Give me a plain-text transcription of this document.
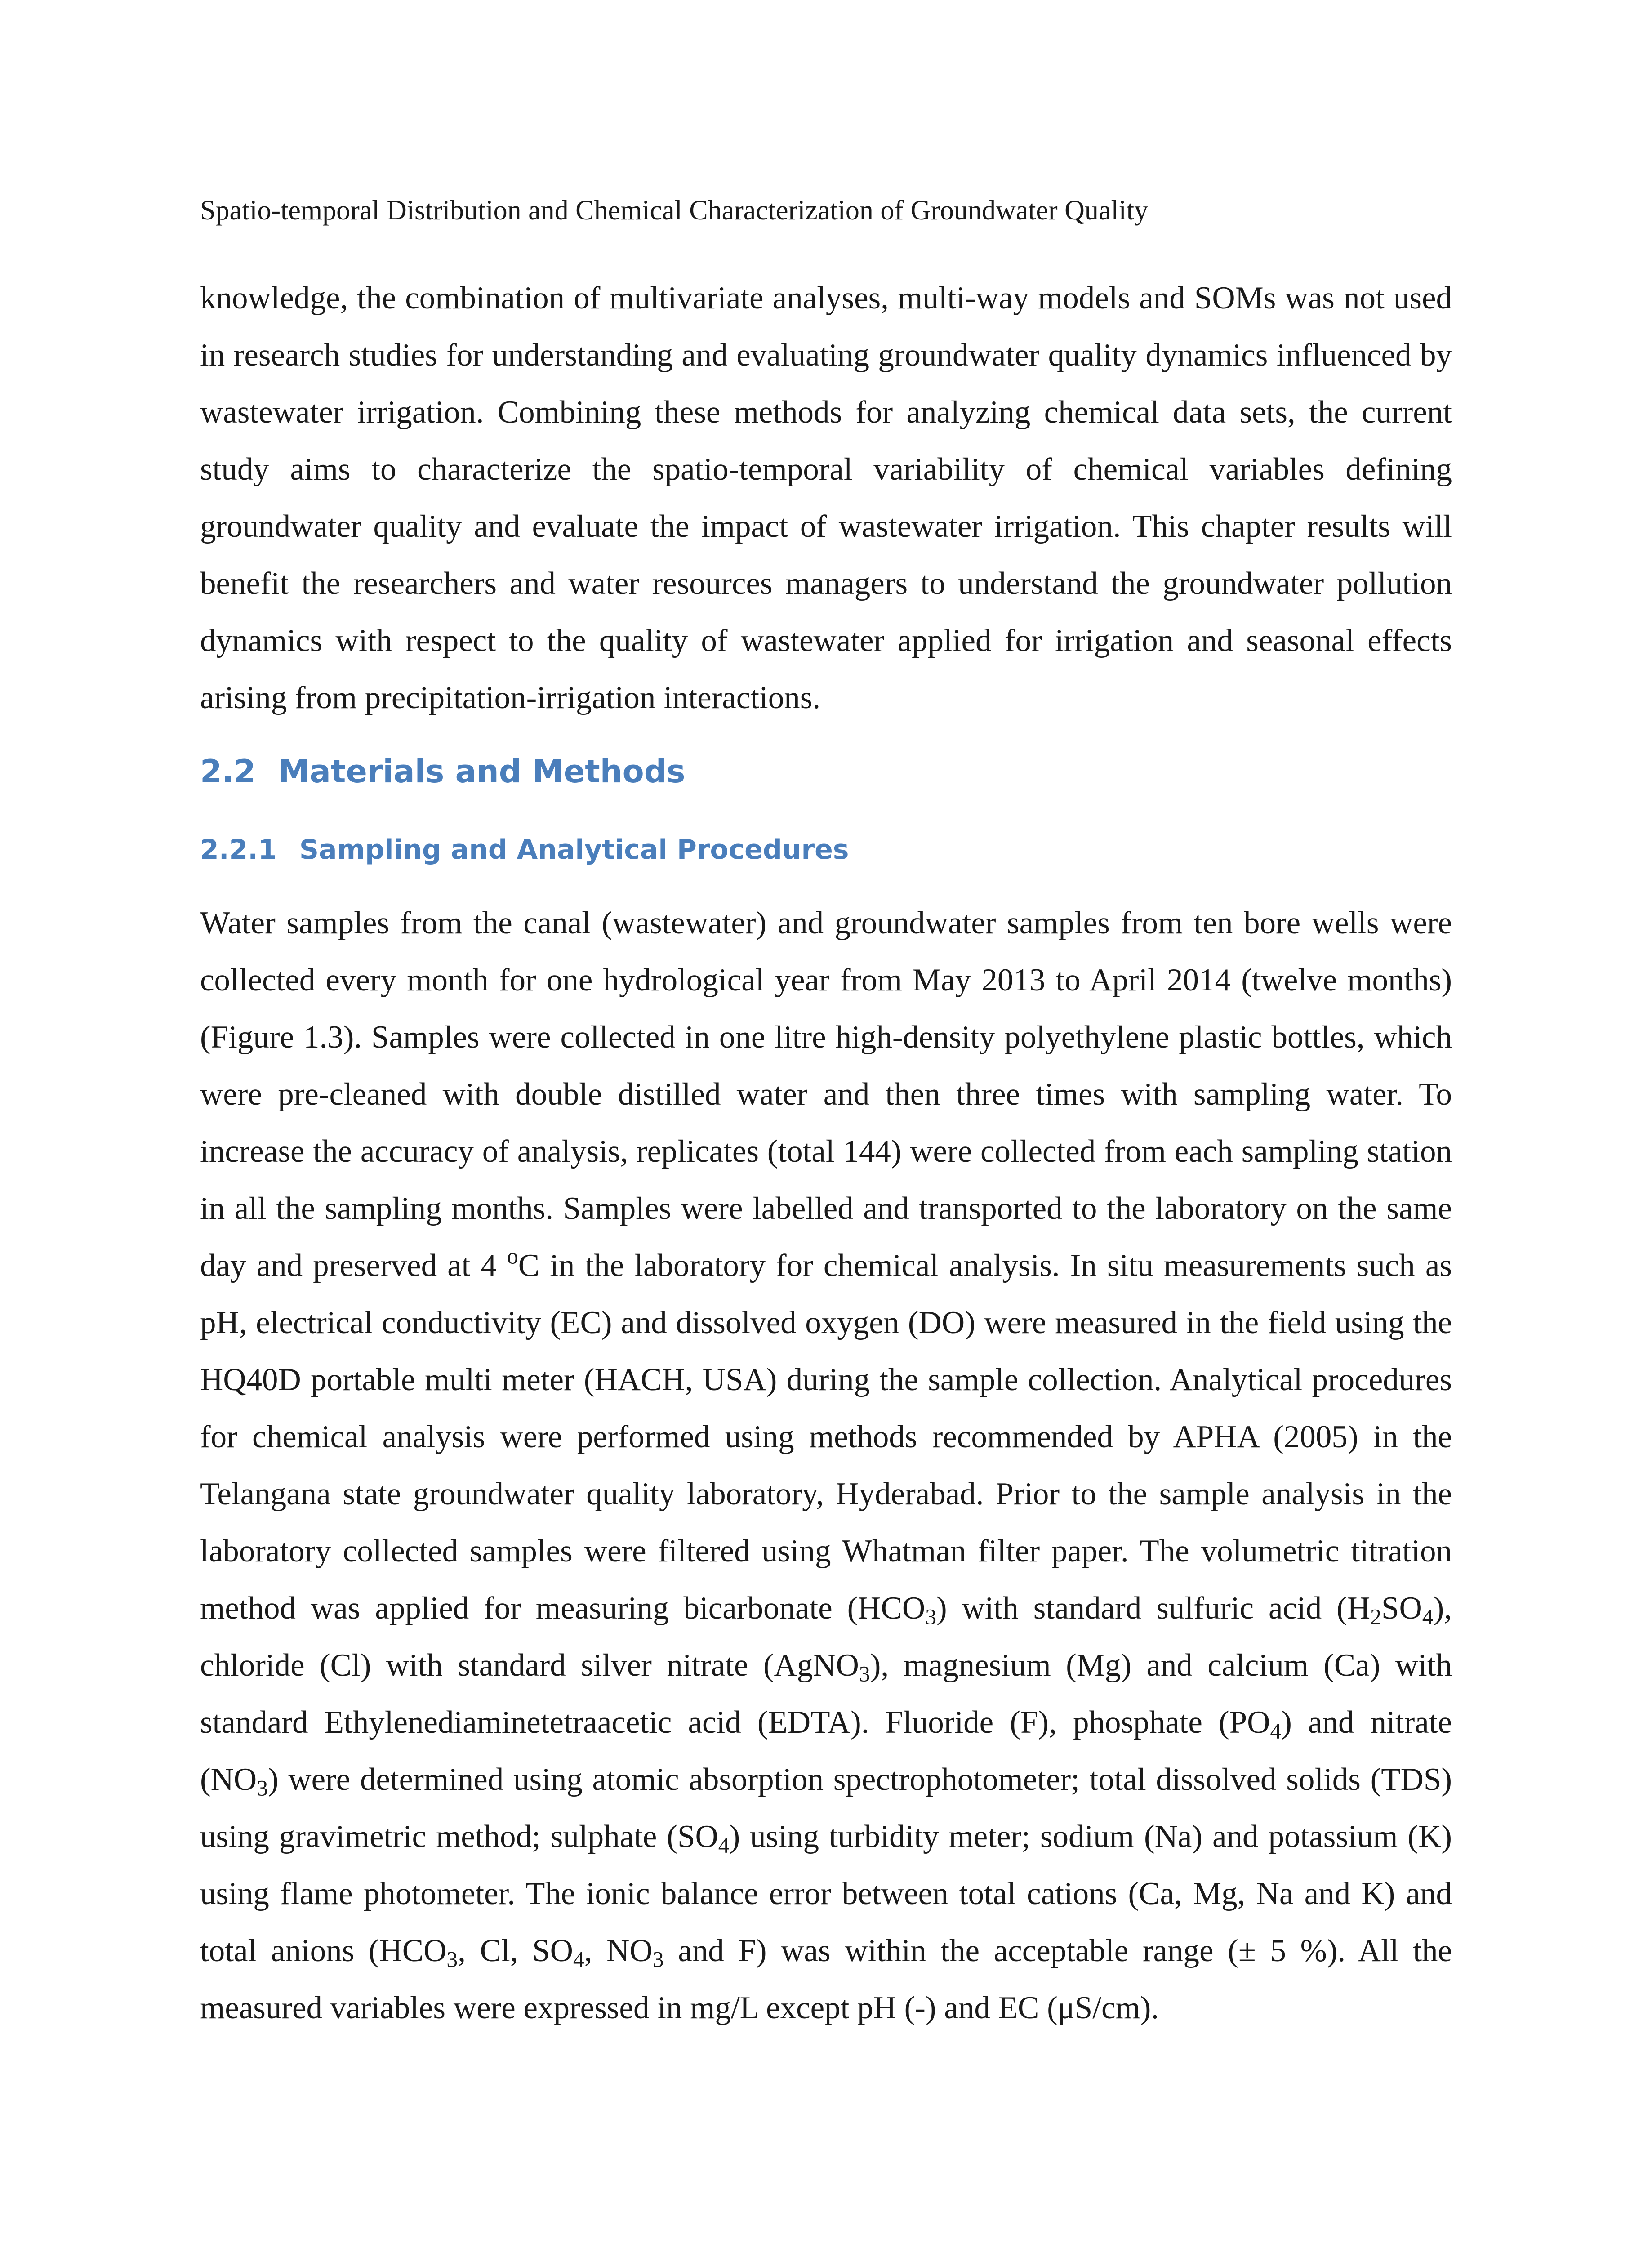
Spatio-temporal Distribution and Chemical Characterization of Groundwater Quality

knowledge, the combination of multivariate analyses, multi-way models and SOMs was not used in research studies for understanding and evaluating groundwater quality dynamics influenced by wastewater irrigation. Combining these methods for analyzing chemical data sets, the current study aims to characterize the spatio-temporal variability of chemical variables defining groundwater quality and evaluate the impact of wastewater irrigation. This chapter results will benefit the researchers and water resources managers to understand the groundwater pollution dynamics with respect to the quality of wastewater applied for irrigation and seasonal effects arising from precipitation-irrigation interactions.

2.2 Materials and Methods
2.2.1 Sampling and Analytical Procedures

Water samples from the canal (wastewater) and groundwater samples from ten bore wells were collected every month for one hydrological year from May 2013 to April 2014 (twelve months) (Figure 1.3). Samples were collected in one litre high-density polyethylene plastic bottles, which were pre-cleaned with double distilled water and then three times with sampling water. To increase the accuracy of analysis, replicates (total 144) were collected from each sampling station in all the sampling months. Samples were labelled and transported to the laboratory on the same day and preserved at 4 $^o$C in the laboratory for chemical analysis. In situ measurements such as pH, electrical conductivity (EC) and dissolved oxygen (DO) were measured in the field using the HQ40D portable multi meter (HACH, USA) during the sample collection. Analytical procedures for chemical analysis were performed using methods recommended by APHA (2005) in the Telangana state groundwater quality laboratory, Hyderabad. Prior to the sample analysis in the laboratory collected samples were filtered using Whatman filter paper. The volumetric titration method was applied for measuring bicarbonate $(HCO_3)$ with standard sulfuric acid $(H_2SO_4)$, chloride (Cl) with standard silver nitrate (AgNO$_3$), magnesium (Mg) and calcium (Ca) with standard Ethylenediaminetetraacetic acid (EDTA). Fluoride (F), phosphate $(PO_4)$ and nitrate $(NO_3)$ were determined using atomic absorption spectrophotometer; total dissolved solids (TDS) using gravimetric method; sulphate $(SO_4)$ using turbidity meter; sodium (Na) and potassium (K) using flame photometer. The ionic balance error between total cations (Ca, Mg, Na and K) and total anions ($HCO_3$, Cl, $SO_4$, $NO_3$ and F) was within the acceptable range (± 5 %). All the measured variables were expressed in mg/L except pH (-) and EC (μS/cm).
